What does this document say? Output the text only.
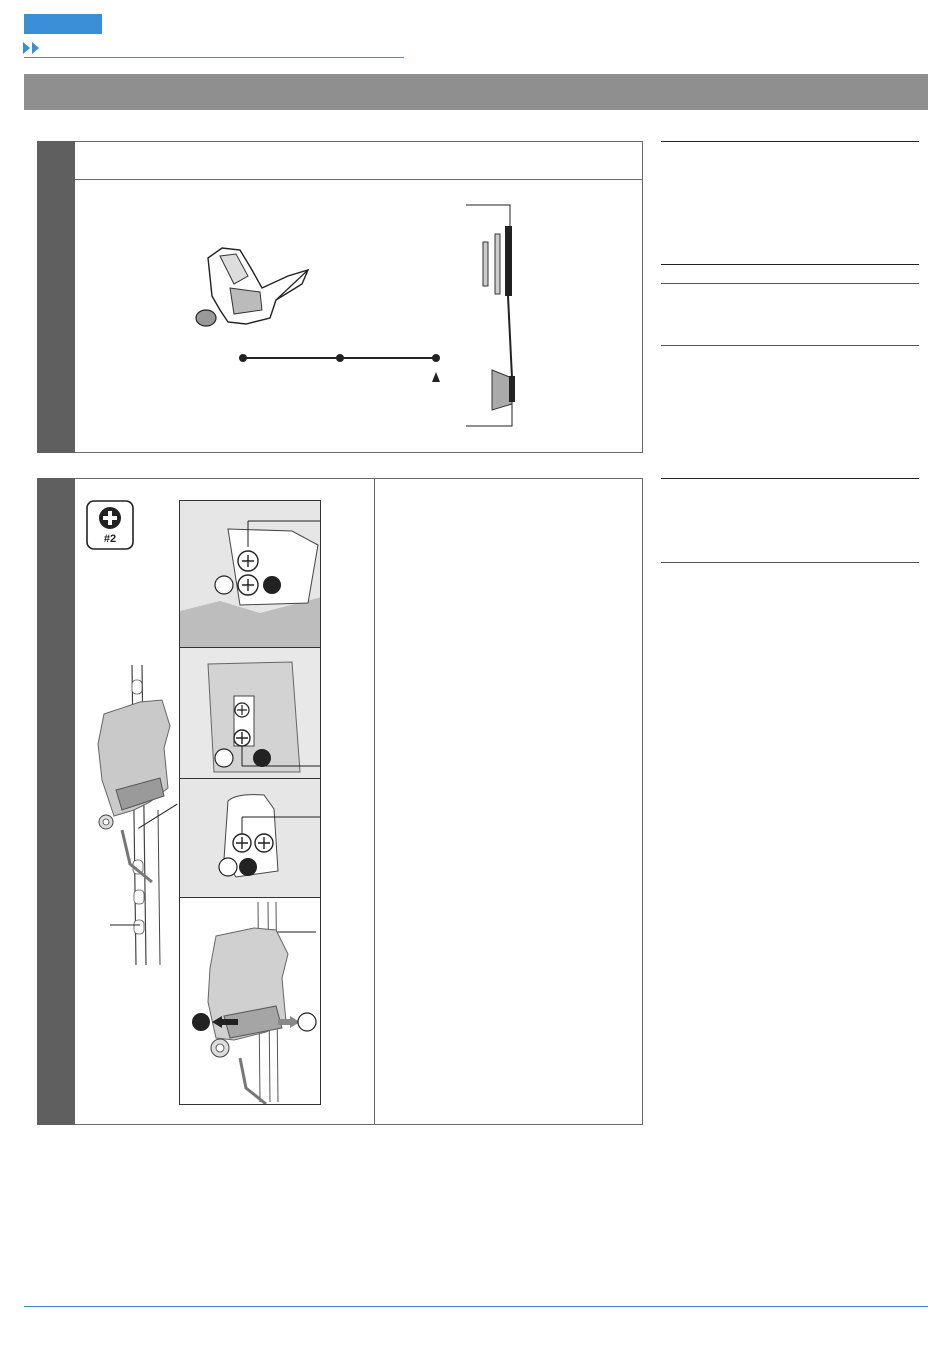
#2
